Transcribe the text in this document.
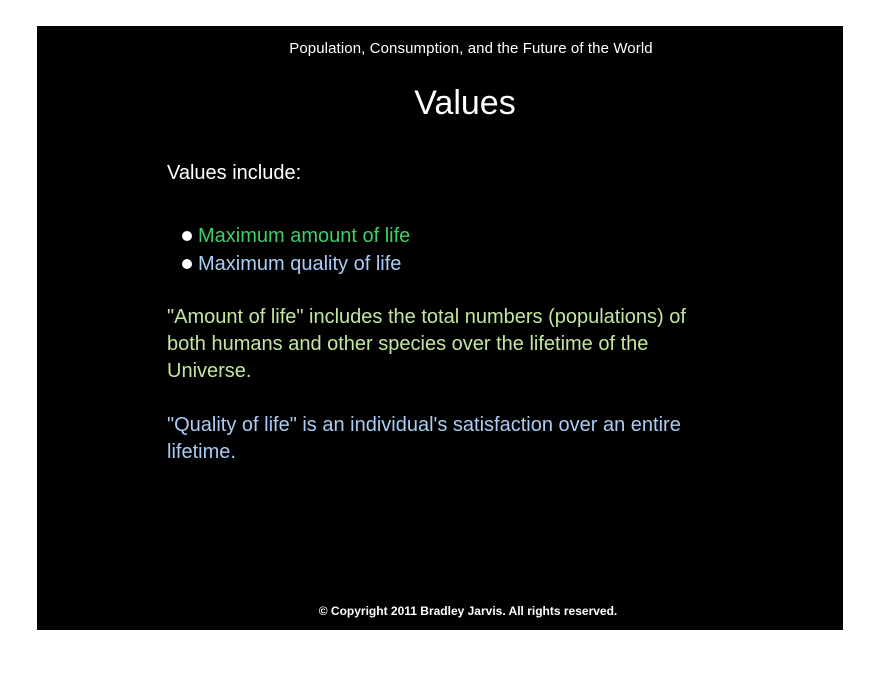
Population, Consumption, and the Future of the World
Values
Values include:
Maximum amount of life
Maximum quality of life
"Amount of life" includes the total numbers (populations) of both humans and other species over the lifetime of the Universe.
"Quality of life" is an individual's satisfaction over an entire lifetime.
© Copyright 2011 Bradley Jarvis. All rights reserved.
